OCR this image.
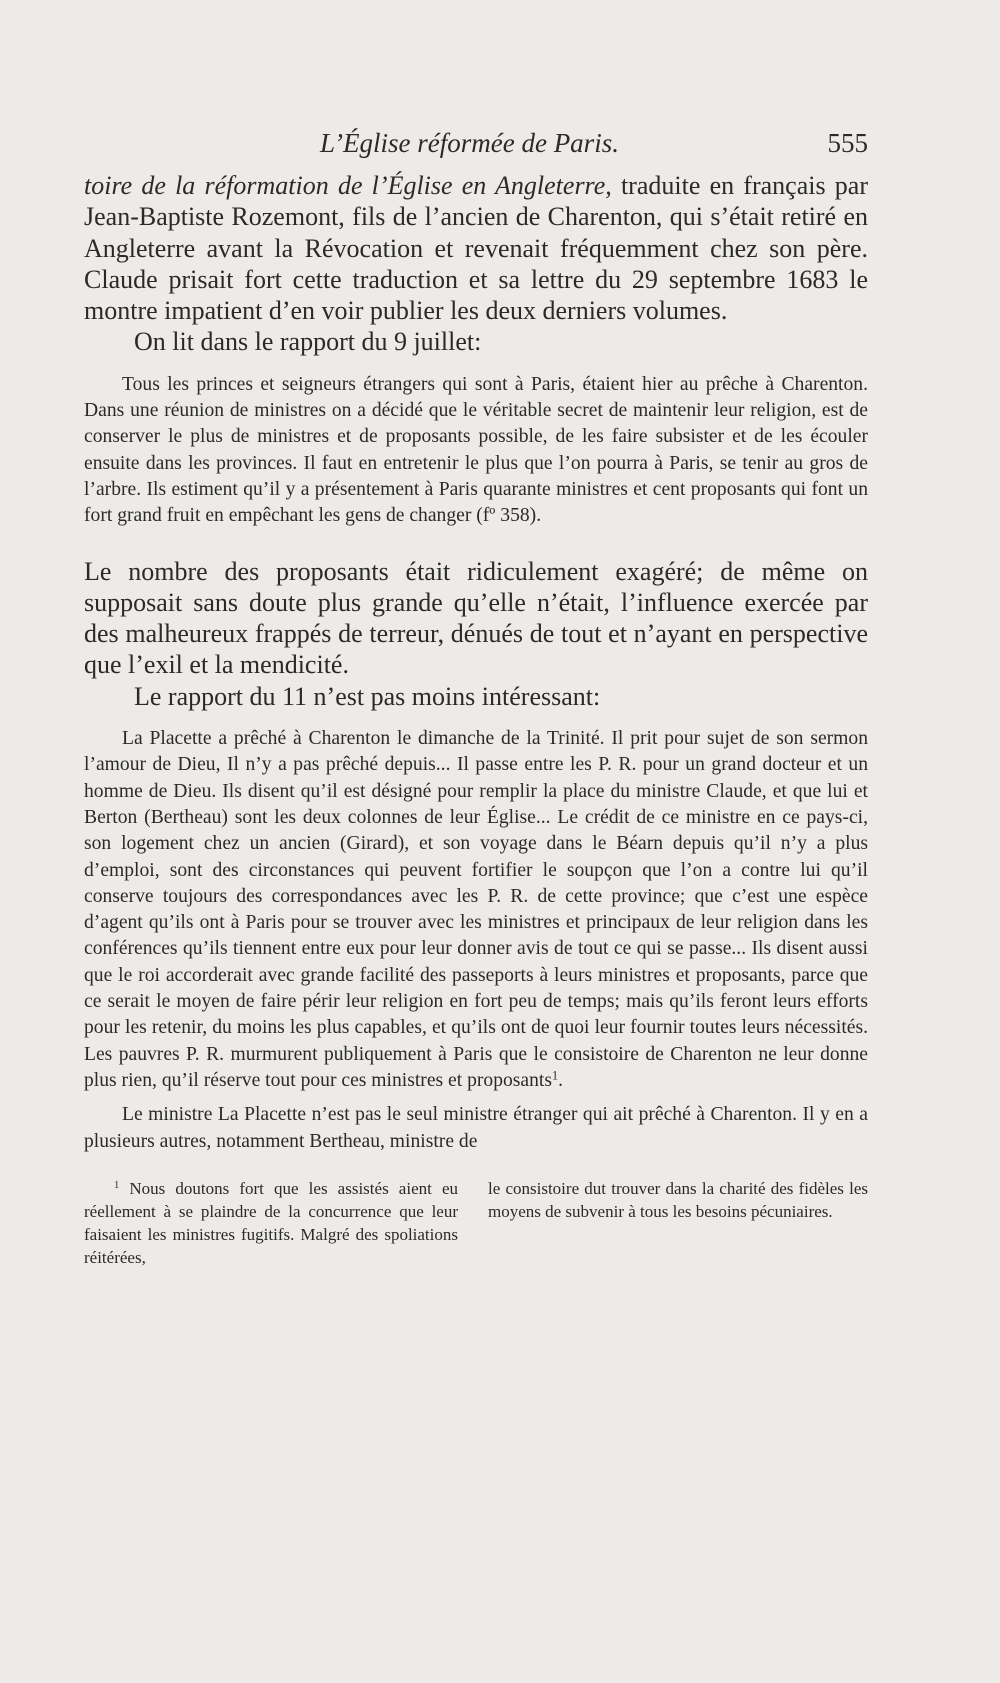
L’Église réformée de Paris.	555

toire de la réformation de l’Église en Angleterre, traduite en français par Jean-Baptiste Rozemont, fils de l’ancien de Charenton, qui s’était retiré en Angleterre avant la Révocation et revenait fréquemment chez son père. Claude prisait fort cette traduction et sa lettre du 29 septembre 1683 le montre impatient d’en voir publier les deux derniers volumes.

On lit dans le rapport du 9 juillet:

Tous les princes et seigneurs étrangers qui sont à Paris, étaient hier au prêche à Charenton. Dans une réunion de ministres on a décidé que le véritable secret de maintenir leur religion, est de conserver le plus de ministres et de proposants possible, de les faire subsister et de les écouler ensuite dans les provinces. Il faut en entretenir le plus que l’on pourra à Paris, se tenir au gros de l’arbre. Ils estiment qu’il y a présentement à Paris quarante ministres et cent proposants qui font un fort grand fruit en empêchant les gens de changer (fº 358).

Le nombre des proposants était ridiculement exagéré; de même on supposait sans doute plus grande qu’elle n’était, l’influence exercée par des malheureux frappés de terreur, dénués de tout et n’ayant en perspective que l’exil et la mendicité.

Le rapport du 11 n’est pas moins intéressant:

La Placette a prêché à Charenton le dimanche de la Trinité. Il prit pour sujet de son sermon l’amour de Dieu, Il n’y a pas prêché depuis... Il passe entre les P. R. pour un grand docteur et un homme de Dieu. Ils disent qu’il est désigné pour remplir la place du ministre Claude, et que lui et Berton (Bertheau) sont les deux colonnes de leur Église... Le crédit de ce ministre en ce pays-ci, son logement chez un ancien (Girard), et son voyage dans le Béarn depuis qu’il n’y a plus d’emploi, sont des circonstances qui peuvent fortifier le soupçon que l’on a contre lui qu’il conserve toujours des correspondances avec les P. R. de cette province; que c’est une espèce d’agent qu’ils ont à Paris pour se trouver avec les ministres et principaux de leur religion dans les conférences qu’ils tiennent entre eux pour leur donner avis de tout ce qui se passe... Ils disent aussi que le roi accorderait avec grande facilité des passeports à leurs ministres et proposants, parce que ce serait le moyen de faire périr leur religion en fort peu de temps; mais qu’ils feront leurs efforts pour les retenir, du moins les plus capables, et qu’ils ont de quoi leur fournir toutes leurs nécessités. Les pauvres P. R. murmurent publiquement à Paris que le consistoire de Charenton ne leur donne plus rien, qu’il réserve tout pour ces ministres et proposants$^1$.

Le ministre La Placette n’est pas le seul ministre étranger qui ait prêché à Charenton. Il y en a plusieurs autres, notamment Bertheau, ministre de

$^1$ Nous doutons fort que les assistés aient eu réellement à se plaindre de la concurrence que leur faisaient les ministres fugitifs. Malgré des spoliations réitérées,
le consistoire dut trouver dans la charité des fidèles les moyens de subvenir à tous les besoins pécuniaires.
